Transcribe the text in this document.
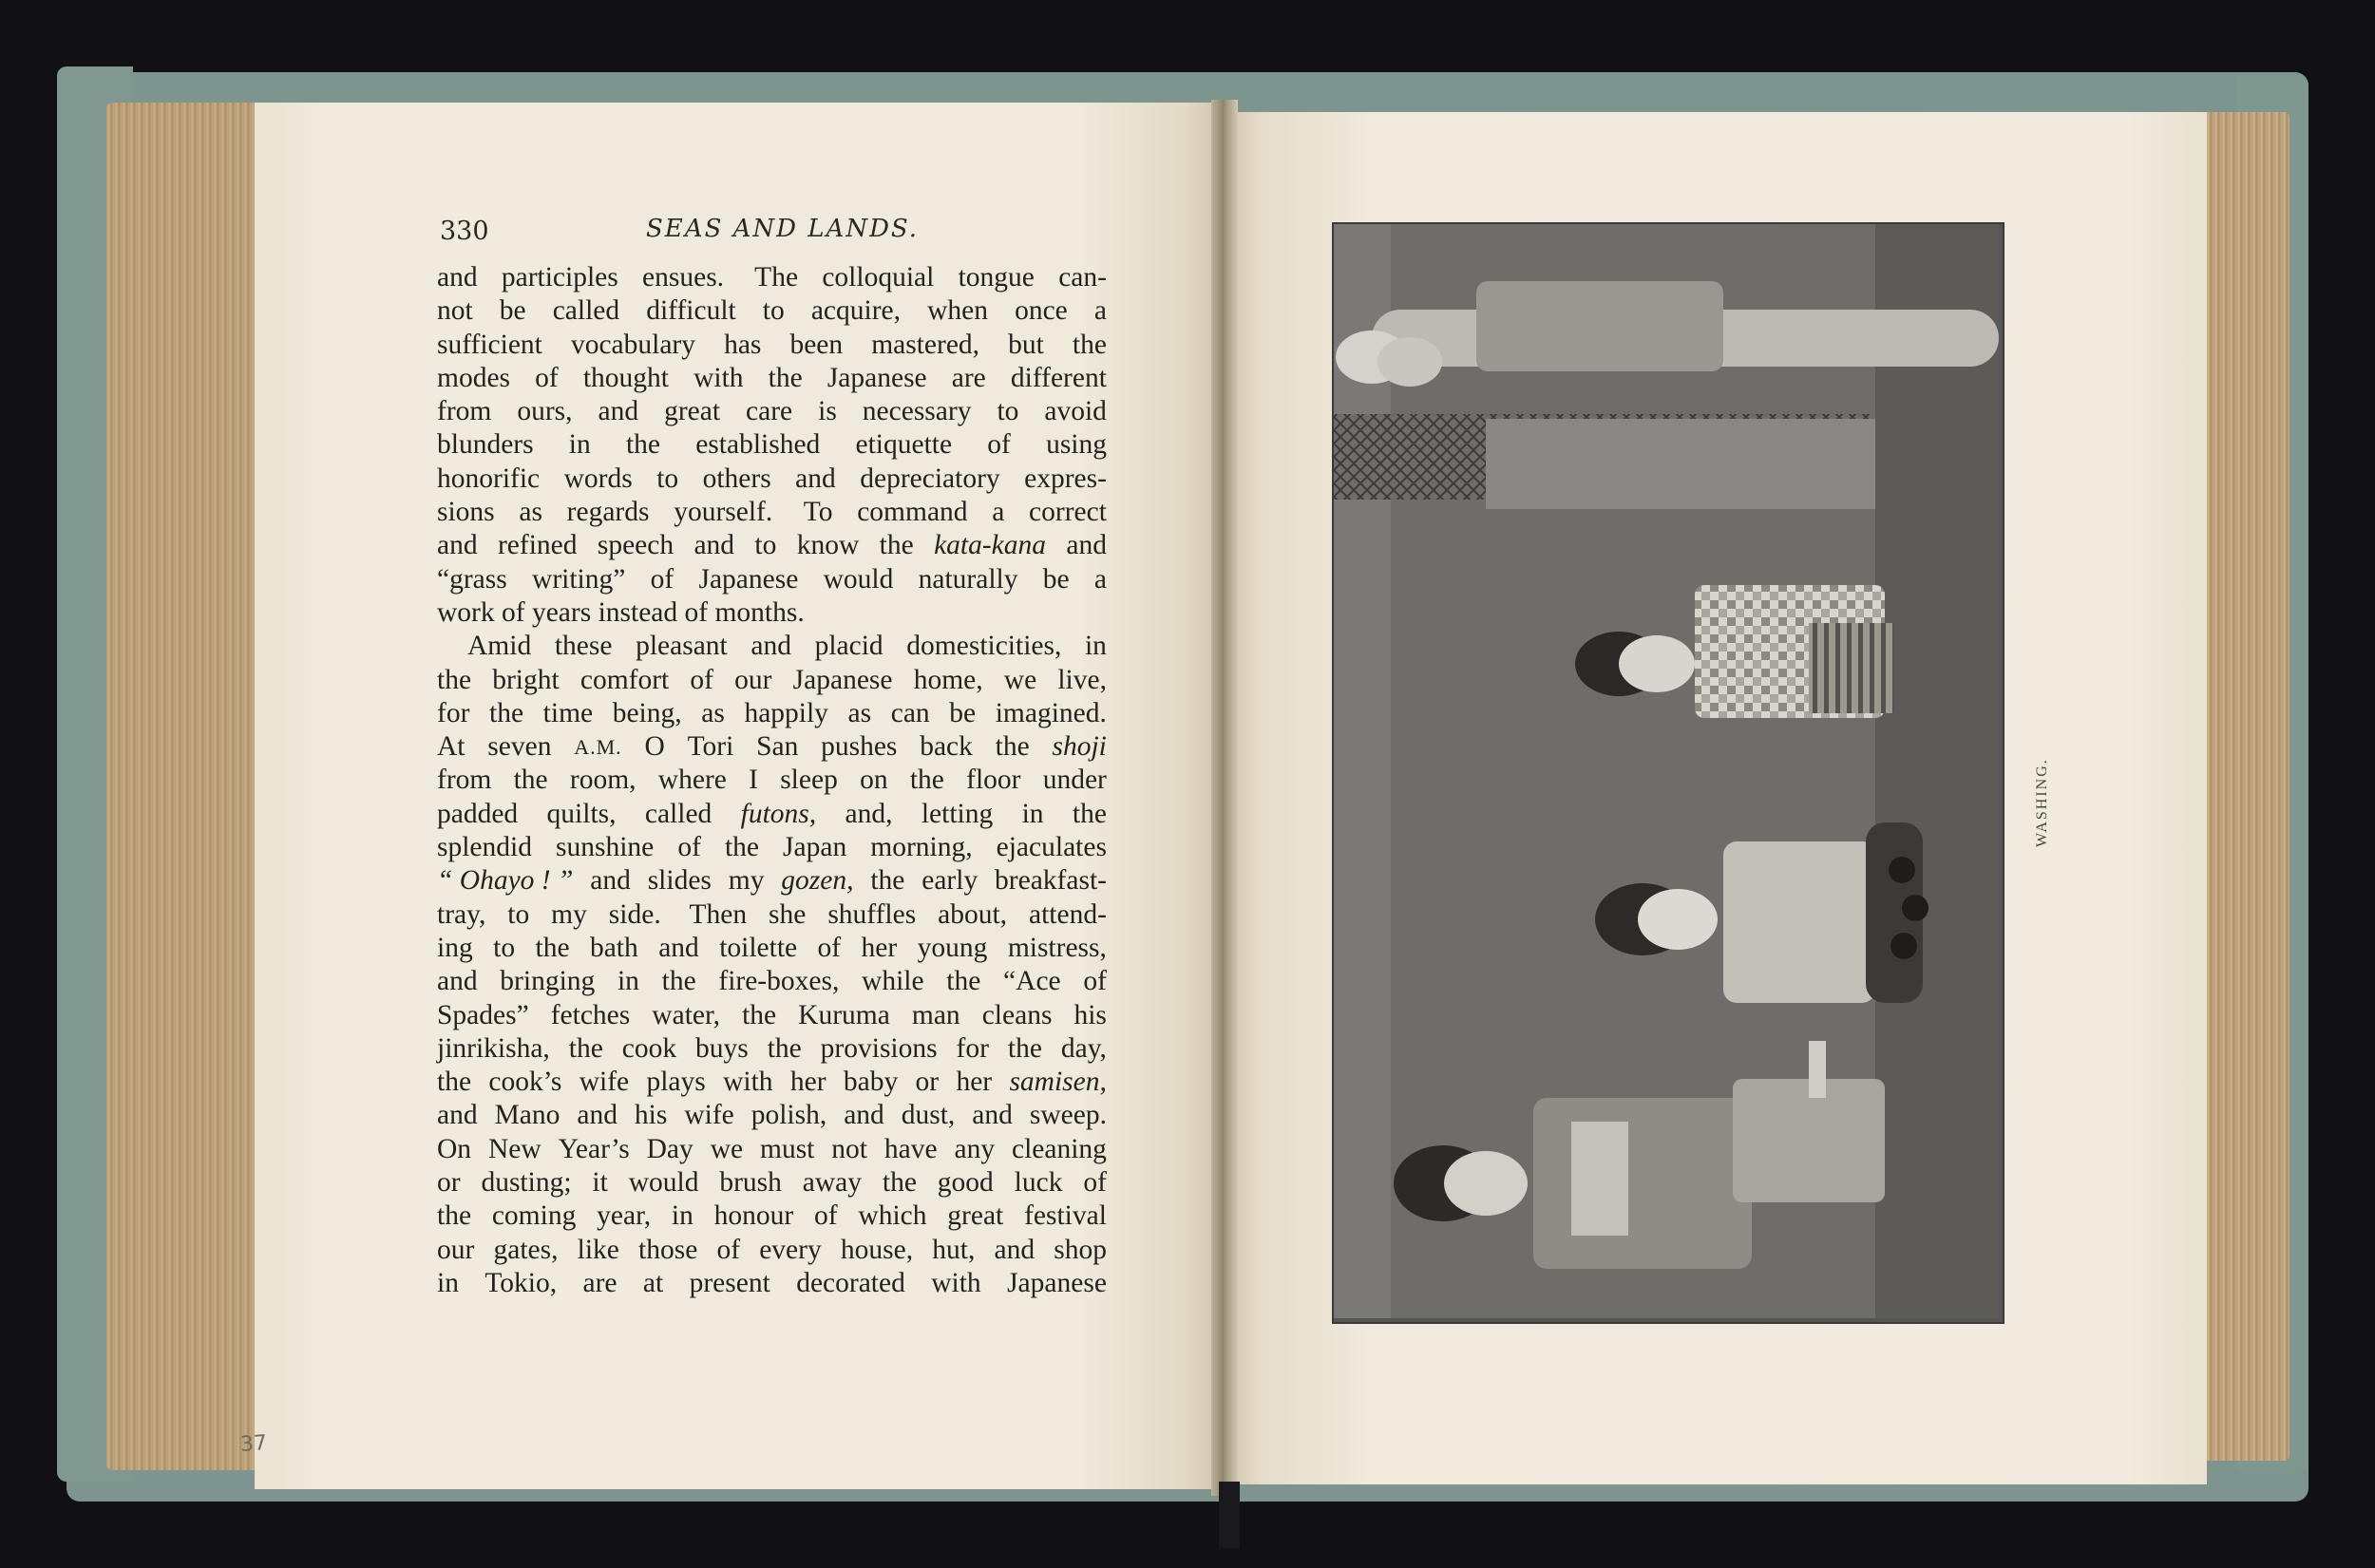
330	SEAS AND LANDS.
and participles ensues. The colloquial tongue can-
not be called difficult to acquire, when once a
sufficient vocabulary has been mastered, but the
modes of thought with the Japanese are different
from ours, and great care is necessary to avoid
blunders in the established etiquette of using
honorific words to others and depreciatory expres-
sions as regards yourself. To command a correct
and refined speech and to know the kata-kana and
“grass writing” of Japanese would naturally be a
work of years instead of months.
Amid these pleasant and placid domesticities, in
the bright comfort of our Japanese home, we live,
for the time being, as happily as can be imagined.
At seven A.M. O Tori San pushes back the shoji
from the room, where I sleep on the floor under
padded quilts, called futons, and, letting in the
splendid sunshine of the Japan morning, ejaculates
“ Ohayo ! ” and slides my gozen, the early breakfast-
tray, to my side. Then she shuffles about, attend-
ing to the bath and toilette of her young mistress,
and bringing in the fire-boxes, while the “Ace of
Spades” fetches water, the Kuruma man cleans his
jinrikisha, the cook buys the provisions for the day,
the cook’s wife plays with her baby or her samisen,
and Mano and his wife polish, and dust, and sweep.
On New Year’s Day we must not have any cleaning
or dusting; it would brush away the good luck of
the coming year, in honour of which great festival
our gates, like those of every house, hut, and shop
in Tokio, are at present decorated with Japanese
37
WASHING.
